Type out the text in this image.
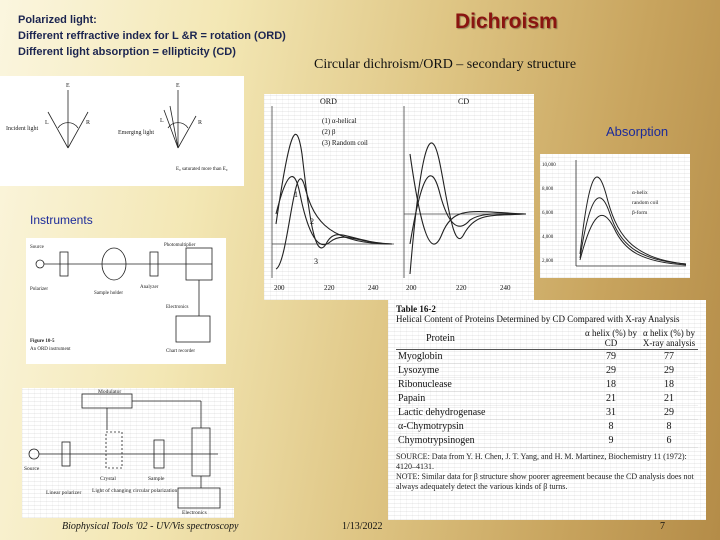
Polarized light:
Different reffractive index for L &R = rotation (ORD)
Different light absorption = ellipticity (CD)
Dichroism
Circular dichroism/ORD – secondary structure
E
L	R
E
L	R
Incident light
Emerging light
E₀ saturated more than E₀
ORD	CD
(1) α-helical
(2) β
(3) Random coil
1
2
3
200	220	240	200	220	240
Absorption
10,000
8,000
6,000
4,000
2,000
α-helix
random coil
β-form
Instruments
Source
Polarizer
Sample holder
Photomultiplier
Analyzer
Electronics
Chart recorder
Figure 10-5
An ORD instrument
Modulator
Source
Crystal	Sample
Linear polarizer Light of changing circular polarization
Electronics
Table 16-2
Helical Content of Proteins Determined by CD Compared with X-ray Analysis
Protein	α helix (%) by CD	α helix (%) by X-ray analysis
Myoglobin	79	77
Lysozyme	29	29
Ribonuclease	18	18
Papain	21	21
Lactic dehydrogenase	31	29
α-Chymotrypsin	8	8
Chymotrypsinogen	9	6
SOURCE: Data from Y. H. Chen, J. T. Yang, and H. M. Martinez, Biochemistry 11 (1972): 4120–4131.
NOTE: Similar data for β structure show poorer agreement because the CD analysis does not always adequately detect the various kinds of β turns.
Biophysical Tools '02 - UV/Vis spectroscopy	1/13/2022	7
